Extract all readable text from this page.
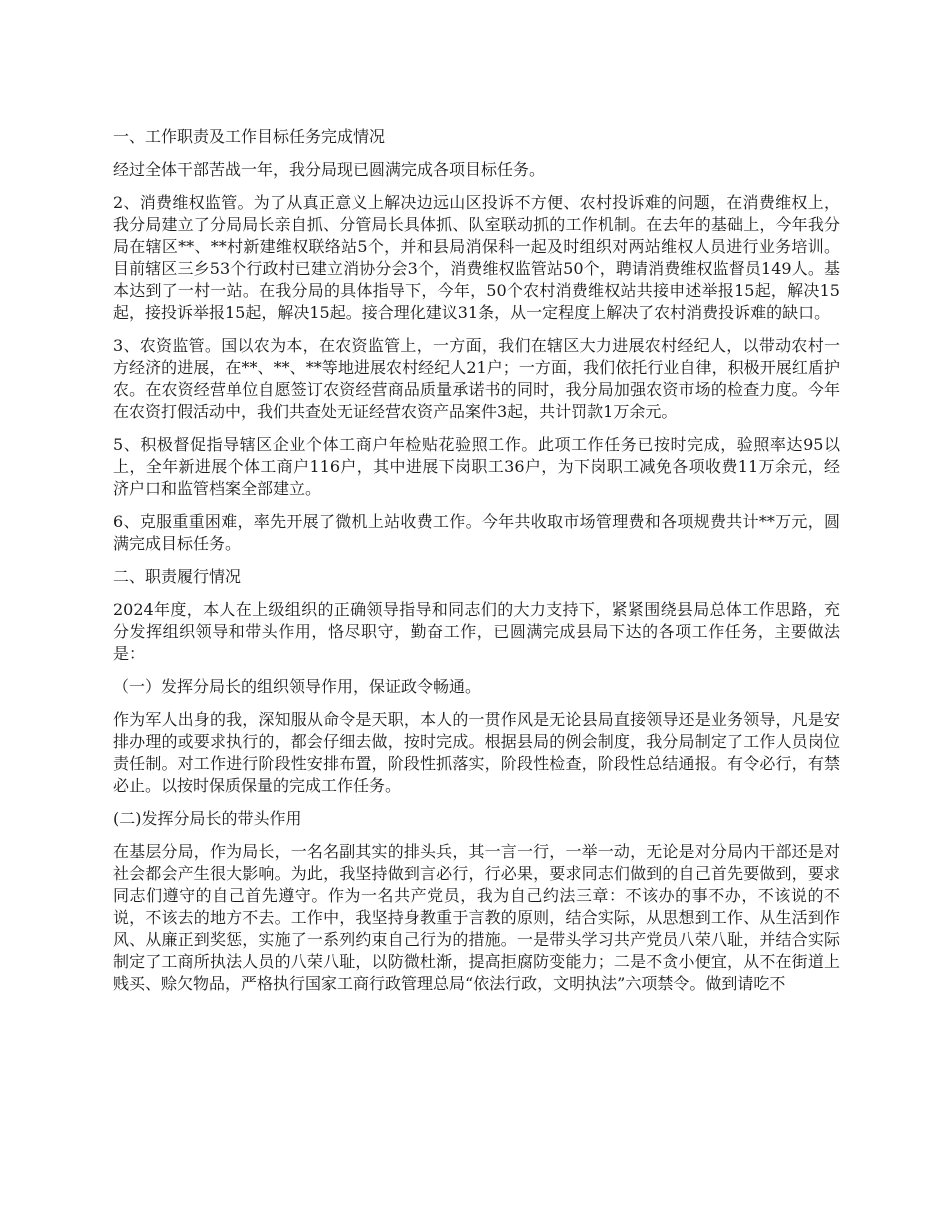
一、工作职责及工作目标任务完成情况

经过全体干部苦战一年，我分局现已圆满完成各项目标任务。

2、消费维权监管。为了从真正意义上解决边远山区投诉不方便、农村投诉难的问题，在消费维权上，我分局建立了分局局长亲自抓、分管局长具体抓、队室联动抓的工作机制。在去年的基础上，今年我分局在辖区**、**村新建维权联络站5个，并和县局消保科一起及时组织对两站维权人员进行业务培训。目前辖区三乡53个行政村已建立消协分会3个，消费维权监管站50个，聘请消费维权监督员149人。基本达到了一村一站。在我分局的具体指导下，今年，50个农村消费维权站共接申述举报15起，解决15起，接投诉举报15起，解决15起。接合理化建议31条，从一定程度上解决了农村消费投诉难的缺口。

3、农资监管。国以农为本，在农资监管上，一方面，我们在辖区大力进展农村经纪人，以带动农村一方经济的进展，在**、**、**等地进展农村经纪人21户；一方面，我们依托行业自律，积极开展红盾护农。在农资经营单位自愿签订农资经营商品质量承诺书的同时，我分局加强农资市场的检查力度。今年在农资打假活动中，我们共查处无证经营农资产品案件3起，共计罚款1万余元。

5、积极督促指导辖区企业个体工商户年检贴花验照工作。此项工作任务已按时完成，验照率达95以上，全年新进展个体工商户116户，其中进展下岗职工36户，为下岗职工减免各项收费11万余元，经济户口和监管档案全部建立。

6、克服重重困难，率先开展了微机上站收费工作。今年共收取市场管理费和各项规费共计**万元，圆满完成目标任务。

二、职责履行情况

2024年度，本人在上级组织的正确领导指导和同志们的大力支持下，紧紧围绕县局总体工作思路，充分发挥组织领导和带头作用，恪尽职守，勤奋工作，已圆满完成县局下达的各项工作任务，主要做法是：

（一）发挥分局长的组织领导作用，保证政令畅通。

作为军人出身的我，深知服从命令是天职，本人的一贯作风是无论县局直接领导还是业务领导，凡是安排办理的或要求执行的，都会仔细去做，按时完成。根据县局的例会制度，我分局制定了工作人员岗位责任制。对工作进行阶段性安排布置，阶段性抓落实，阶段性检查，阶段性总结通报。有令必行，有禁必止。以按时保质保量的完成工作任务。

(二)发挥分局长的带头作用

在基层分局，作为局长，一名名副其实的排头兵，其一言一行，一举一动，无论是对分局内干部还是对社会都会产生很大影响。为此，我坚持做到言必行，行必果，要求同志们做到的自己首先要做到，要求同志们遵守的自己首先遵守。作为一名共产党员，我为自己约法三章：不该办的事不办，不该说的不说，不该去的地方不去。工作中，我坚持身教重于言教的原则，结合实际，从思想到工作、从生活到作风、从廉正到奖惩，实施了一系列约束自己行为的措施。一是带头学习共产党员八荣八耻，并结合实际制定了工商所执法人员的八荣八耻，以防微杜渐，提高拒腐防变能力；二是不贪小便宜，从不在街道上贱买、赊欠物品，严格执行国家工商行政管理总局“依法行政，文明执法”六项禁令。做到请吃不
